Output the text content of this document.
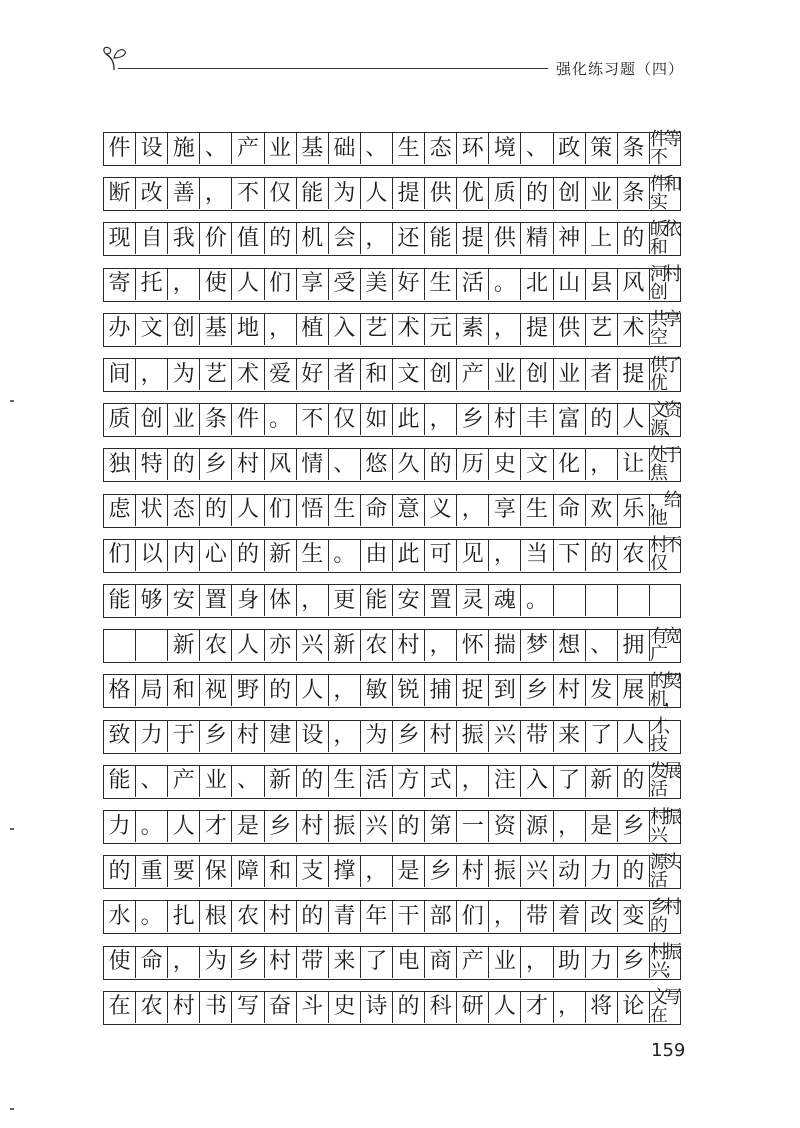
强化练习题（四）
件 设 施 、 产 业 基 础 、 生 态 环 境 、 政 策 条 件等不
断 改 善 ， 不 仅 能 为 人 提 供 优 质 的 创 业 条 件和实
现 自 我 价 值 的 机 会 ， 还 能 提 供 精 神 上 的 皈依和
寄 托 ， 使 人 们 享 受 美 好 生 活 。 北 山 县 风 河村创
办 文 创 基 地 ， 植 入 艺 术 元 素 ， 提 供 艺 术 共享空
间 ， 为 艺 术 爱 好 者 和 文 创 产 业 创 业 者 提 供了优
质 创 业 条 件 。 不 仅 如 此 ， 乡 村 丰 富 的 人 文资源、
独 特 的 乡 村 风 情 、 悠 久 的 历 史 文 化 ， 让 处于焦
虑 状 态 的 人 们 悟 生 命 意 义 ， 享 生 命 欢 乐 ，给他
们 以 内 心 的 新 生 。 由 此 可 见 ， 当 下 的 农 村不仅
能 够 安 置 身 体 ， 更 能 安 置 灵 魂 。
新 农 人 亦 兴 新 农 村 ， 怀 揣 梦 想 、 拥 有宽广
格 局 和 视 野 的 人 ， 敏 锐 捕 捉 到 乡 村 发 展 的契机，
致 力 于 乡 村 建 设 ， 为 乡 村 振 兴 带 来 了 人 才、技
能 、 产 业 、 新 的 生 活 方 式 ， 注 入 了 新 的 发展活
力 。 人 才 是 乡 村 振 兴 的 第 一 资 源 ， 是 乡 村振兴
的 重 要 保 障 和 支 撑 ， 是 乡 村 振 兴 动 力 的 源头活
水 。 扎 根 农 村 的 青 年 干 部 们 ， 带 着 改 变 乡村的
使 命 ， 为 乡 村 带 来 了 电 商 产 业 ， 助 力 乡 村振兴；
在 农 村 书 写 奋 斗 史 诗 的 科 研 人 才 ， 将 论 文写在
159
